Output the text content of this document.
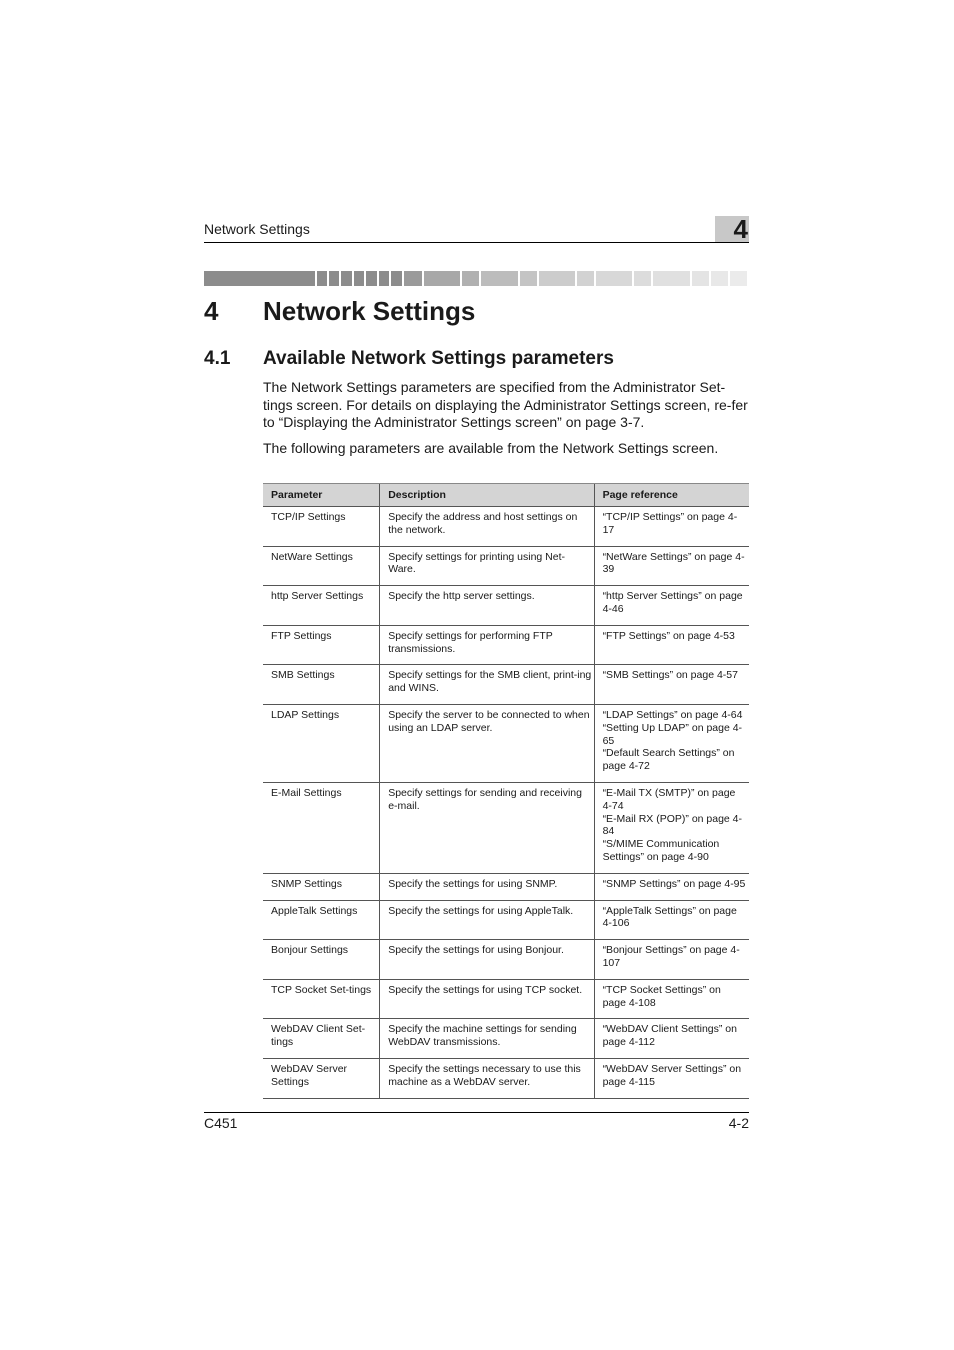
Network Settings	4
4 Network Settings
4.1 Available Network Settings parameters

The Network Settings parameters are specified from the Administrator Set-tings screen. For details on displaying the Administrator Settings screen, re-fer to “Displaying the Administrator Settings screen” on page 3-7.

The following parameters are available from the Network Settings screen.

Parameter	Description	Page reference
TCP/IP Settings	Specify the address and host settings on the network.	“TCP/IP Settings” on page 4-17

NetWare Settings	Specify settings for printing using Net-Ware.	“NetWare Settings” on page 4-39

http Server Settings	Specify the http server settings.	“http Server Settings” on page 4-46

FTP Settings	Specify settings for performing FTP transmissions.	“FTP Settings” on page 4-53

SMB Settings	Specify settings for the SMB client, print-ing and WINS.	“SMB Settings” on page 4-57

LDAP Settings	Specify the server to be connected to when using an LDAP server.	“LDAP Settings” on page 4-64
“Setting Up LDAP” on page 4-65
“Default Search Settings” on page 4-72

E-Mail Settings	Specify settings for sending and receiving e-mail.	“E-Mail TX (SMTP)” on page 4-74
“E-Mail RX (POP)” on page 4-84
“S/MIME Communication Settings” on page 4-90

SNMP Settings	Specify the settings for using SNMP.	“SNMP Settings” on page 4-95

AppleTalk Settings	Specify the settings for using AppleTalk.	“AppleTalk Settings” on page 4-106

Bonjour Settings	Specify the settings for using Bonjour.	“Bonjour Settings” on page 4-107

TCP Socket Set-tings	Specify the settings for using TCP socket.	“TCP Socket Settings” on page 4-108

WebDAV Client Set-tings	Specify the machine settings for sending WebDAV transmissions.	“WebDAV Client Settings” on page 4-112

WebDAV Server Settings	Specify the settings necessary to use this machine as a WebDAV server.	“WebDAV Server Settings” on page 4-115
C451	4-2
